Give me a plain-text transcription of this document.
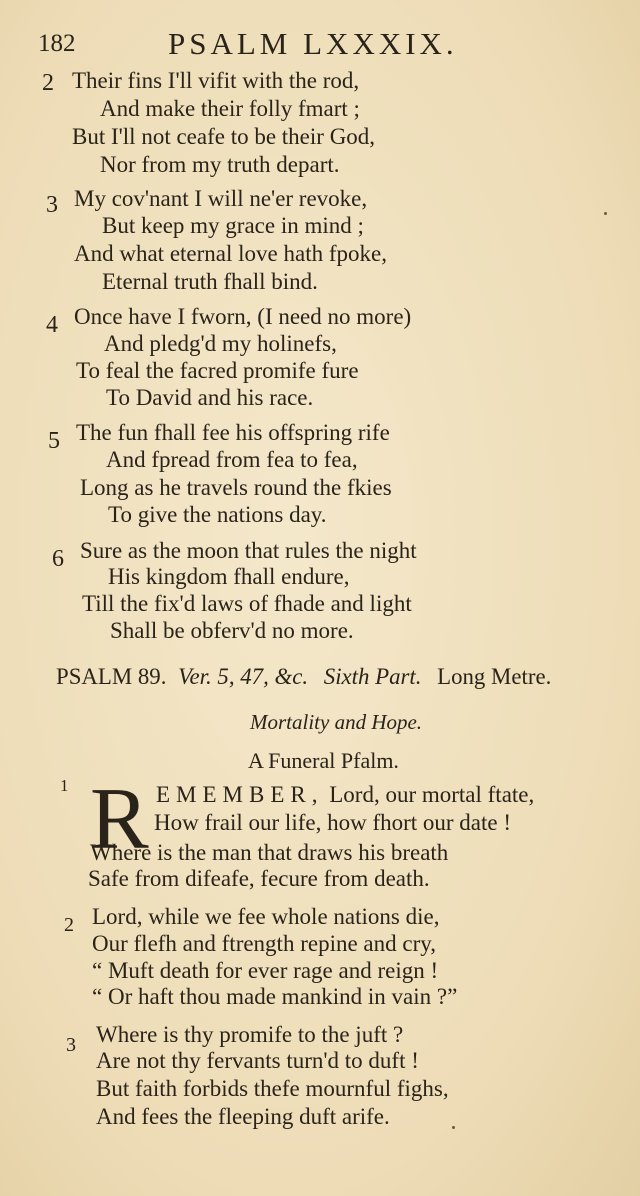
182	PSALM LXXXIX.
2 Their fins I'll vifit with the rod,
And make their folly fmart ;
But I'll not ceafe to be their God,
Nor from my truth depart.
3 My cov'nant I will ne'er revoke,
But keep my grace in mind ;
And what eternal love hath fpoke,
Eternal truth fhall bind.
4 Once have I fworn, (I need no more)
And pledg'd my holinefs,
To feal the facred promife fure
To David and his race.
5 The fun fhall fee his offspring rife
And fpread from fea to fea,
Long as he travels round the fkies
To give the nations day.
6 Sure as the moon that rules the night
His kingdom fhall endure,
Till the fix'd laws of fhade and light
Shall be obferv'd no more.
PSALM 89. Ver. 5, 47, &c. Sixth Part. Long Metre.
Mortality and Hope.
A Funeral Pfalm.
1 R EMEMBER, Lord, our mortal ftate,
How frail our life, how fhort our date !
Where is the man that draws his breath
Safe from difeafe, fecure from death.
2 Lord, while we fee whole nations die,
Our flefh and ftrength repine and cry,
“ Muft death for ever rage and reign !
“ Or haft thou made mankind in vain ?”
3 Where is thy promife to the juft ?
Are not thy fervants turn'd to duft !
But faith forbids thefe mournful fighs,
And fees the fleeping duft arife.
